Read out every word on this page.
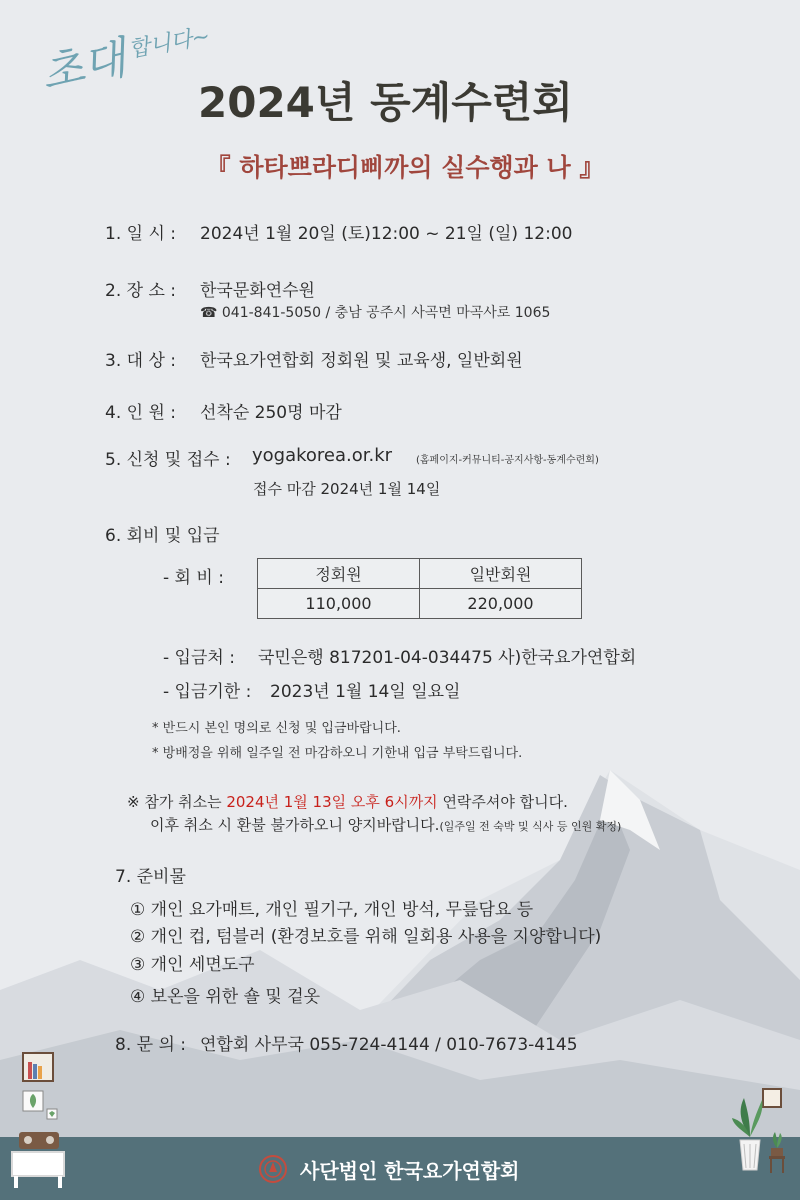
초대
합니다~
2024년 동계수련회
『 하타쁘라디삐까의 실수행과 나 』
1. 일 시 : 2024년 1월 20일 (토)12:00 ~ 21일 (일) 12:00
2. 장 소 : 한국문화연수원
☎ 041-841-5050 / 충남 공주시 사곡면 마곡사로 1065
3. 대 상 : 한국요가연합회 정회원 및 교육생, 일반회원
4. 인 원 : 선착순 250명 마감
5. 신청 및 접수 : yogakorea.or.kr (홈페이지-커뮤니티-공지사항-동계수련회)
접수 마감 2024년 1월 14일
6. 회비 및 입금
- 회 비 :	정회원	일반회원
110,000	220,000
- 입금처 : 국민은행 817201-04-034475 사)한국요가연합회
- 입금기한 : 2023년 1월 14일 일요일
* 반드시 본인 명의로 신청 및 입금바랍니다.
* 방배정을 위해 일주일 전 마감하오니 기한내 입금 부탁드립니다.
※ 참가 취소는 2024년 1월 13일 오후 6시까지 연락주셔야 합니다.
이후 취소 시 환불 불가하오니 양지바랍니다.(일주일 전 숙박 및 식사 등 인원 확정)
7. 준비물
① 개인 요가매트, 개인 필기구, 개인 방석, 무릎담요 등
② 개인 컵, 텀블러 (환경보호를 위해 일회용 사용을 지양합니다)
③ 개인 세면도구
④ 보온을 위한 숄 및 겉옷
8. 문 의 : 연합회 사무국 055-724-4144 / 010-7673-4145
사단법인 한국요가연합회
